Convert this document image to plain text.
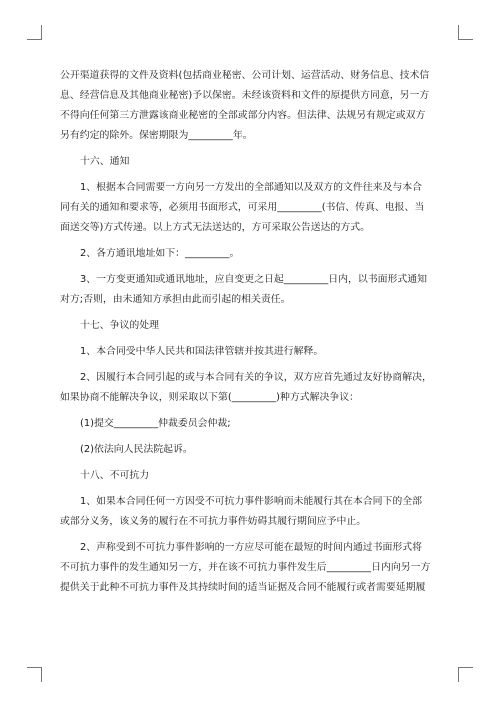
公开渠道获得的文件及资料(包括商业秘密、公司计划、运营活动、财务信息、技术信
息、经营信息及其他商业秘密)予以保密。未经该资料和文件的原提供方同意，另一方
不得向任何第三方泄露该商业秘密的全部或部分内容。但法律、法规另有规定或双方
另有约定的除外。保密期限为_________年。

十六、通知

1、根据本合同需要一方向另一方发出的全部通知以及双方的文件往来及与本合
同有关的通知和要求等，必须用书面形式，可采用_________(书信、传真、电报、当
面送交等)方式传递。以上方式无法送达的，方可采取公告送达的方式。

2、各方通讯地址如下：_________。

3、一方变更通知或通讯地址，应自变更之日起_________日内，以书面形式通知
对方;否则，由未通知方承担由此而引起的相关责任。

十七、争议的处理

1、本合同受中华人民共和国法律管辖并按其进行解释。

2、因履行本合同引起的或与本合同有关的争议，双方应首先通过友好协商解决，
如果协商不能解决争议，则采取以下第(_________)种方式解决争议：

(1)提交_________仲裁委员会仲裁;

(2)依法向人民法院起诉。

十八、不可抗力

1、如果本合同任何一方因受不可抗力事件影响而未能履行其在本合同下的全部
或部分义务，该义务的履行在不可抗力事件妨碍其履行期间应予中止。

2、声称受到不可抗力事件影响的一方应尽可能在最短的时间内通过书面形式将
不可抗力事件的发生通知另一方，并在该不可抗力事件发生后_________日内向另一方
提供关于此种不可抗力事件及其持续时间的适当证据及合同不能履行或者需要延期履
